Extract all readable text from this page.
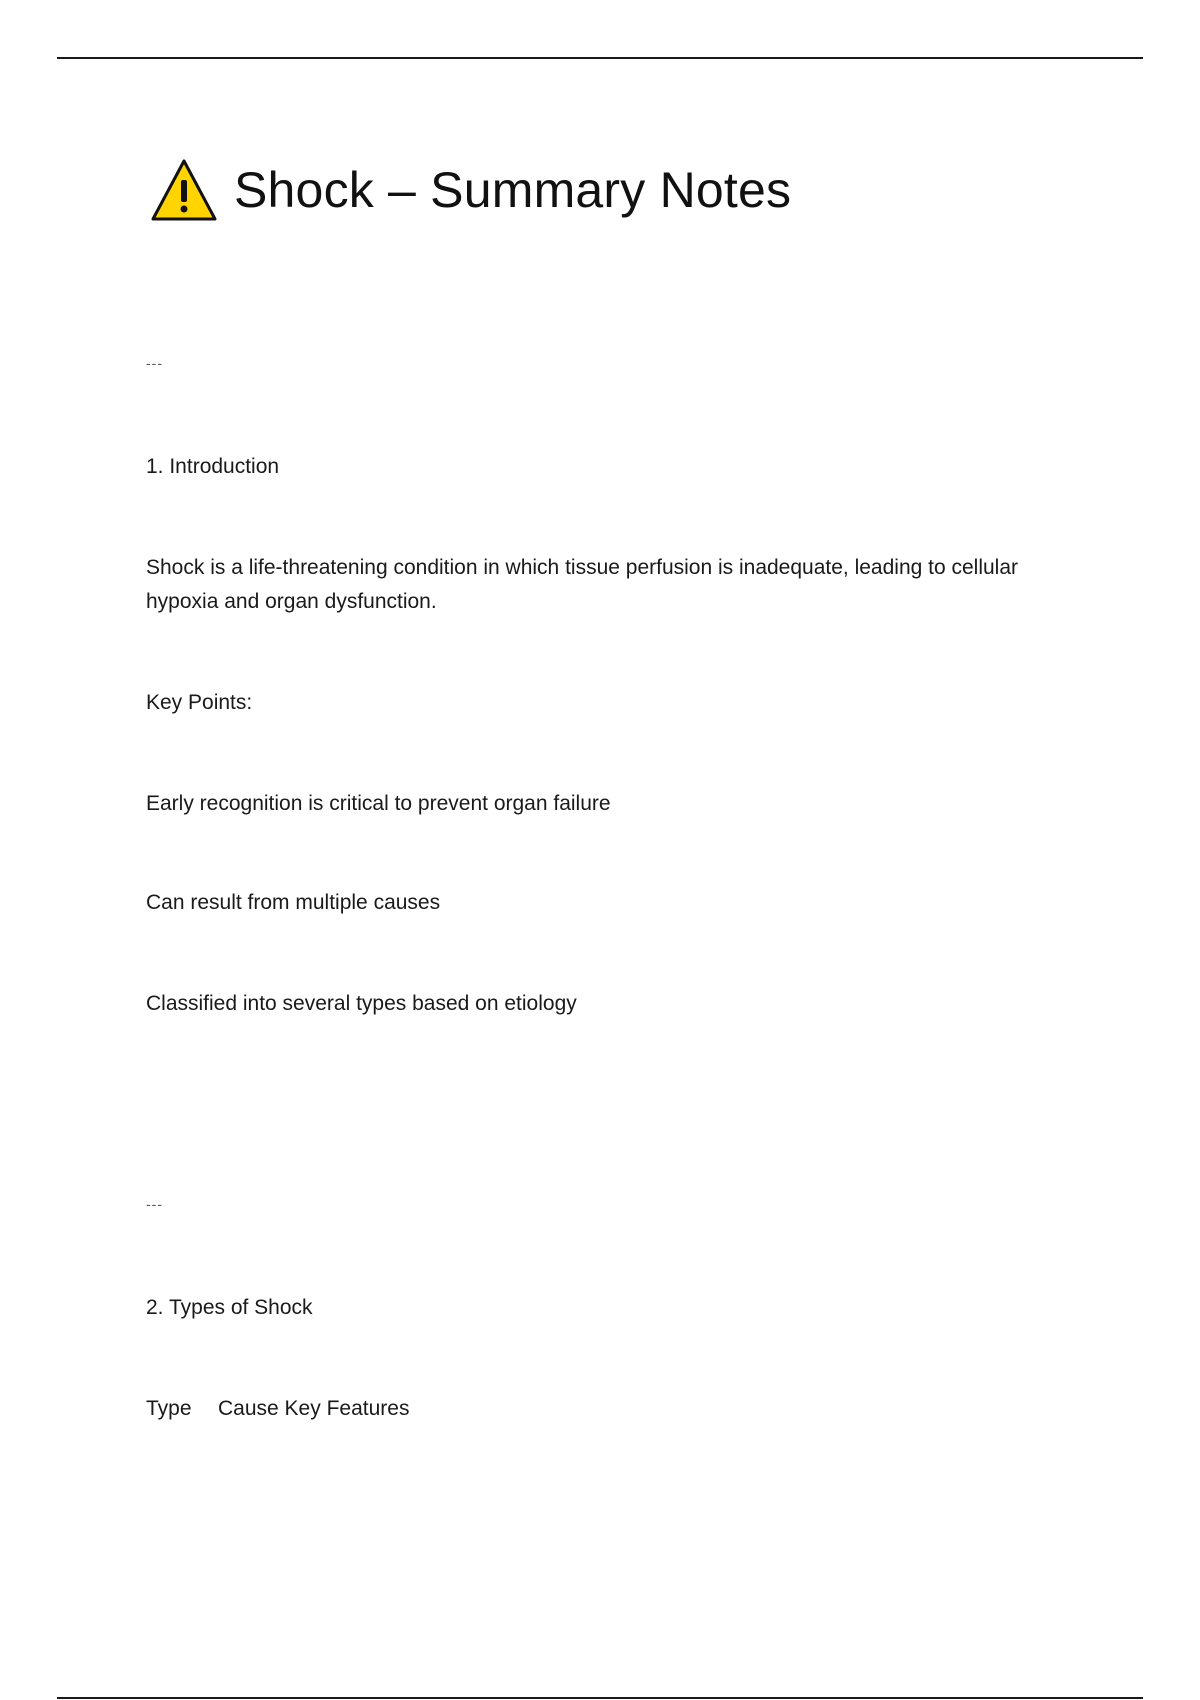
Shock – Summary Notes
---
1. Introduction
Shock is a life-threatening condition in which tissue perfusion is inadequate, leading to cellular hypoxia and organ dysfunction.
Key Points:
Early recognition is critical to prevent organ failure
Can result from multiple causes
Classified into several types based on etiology
---
2. Types of Shock
Type Cause Key Features
